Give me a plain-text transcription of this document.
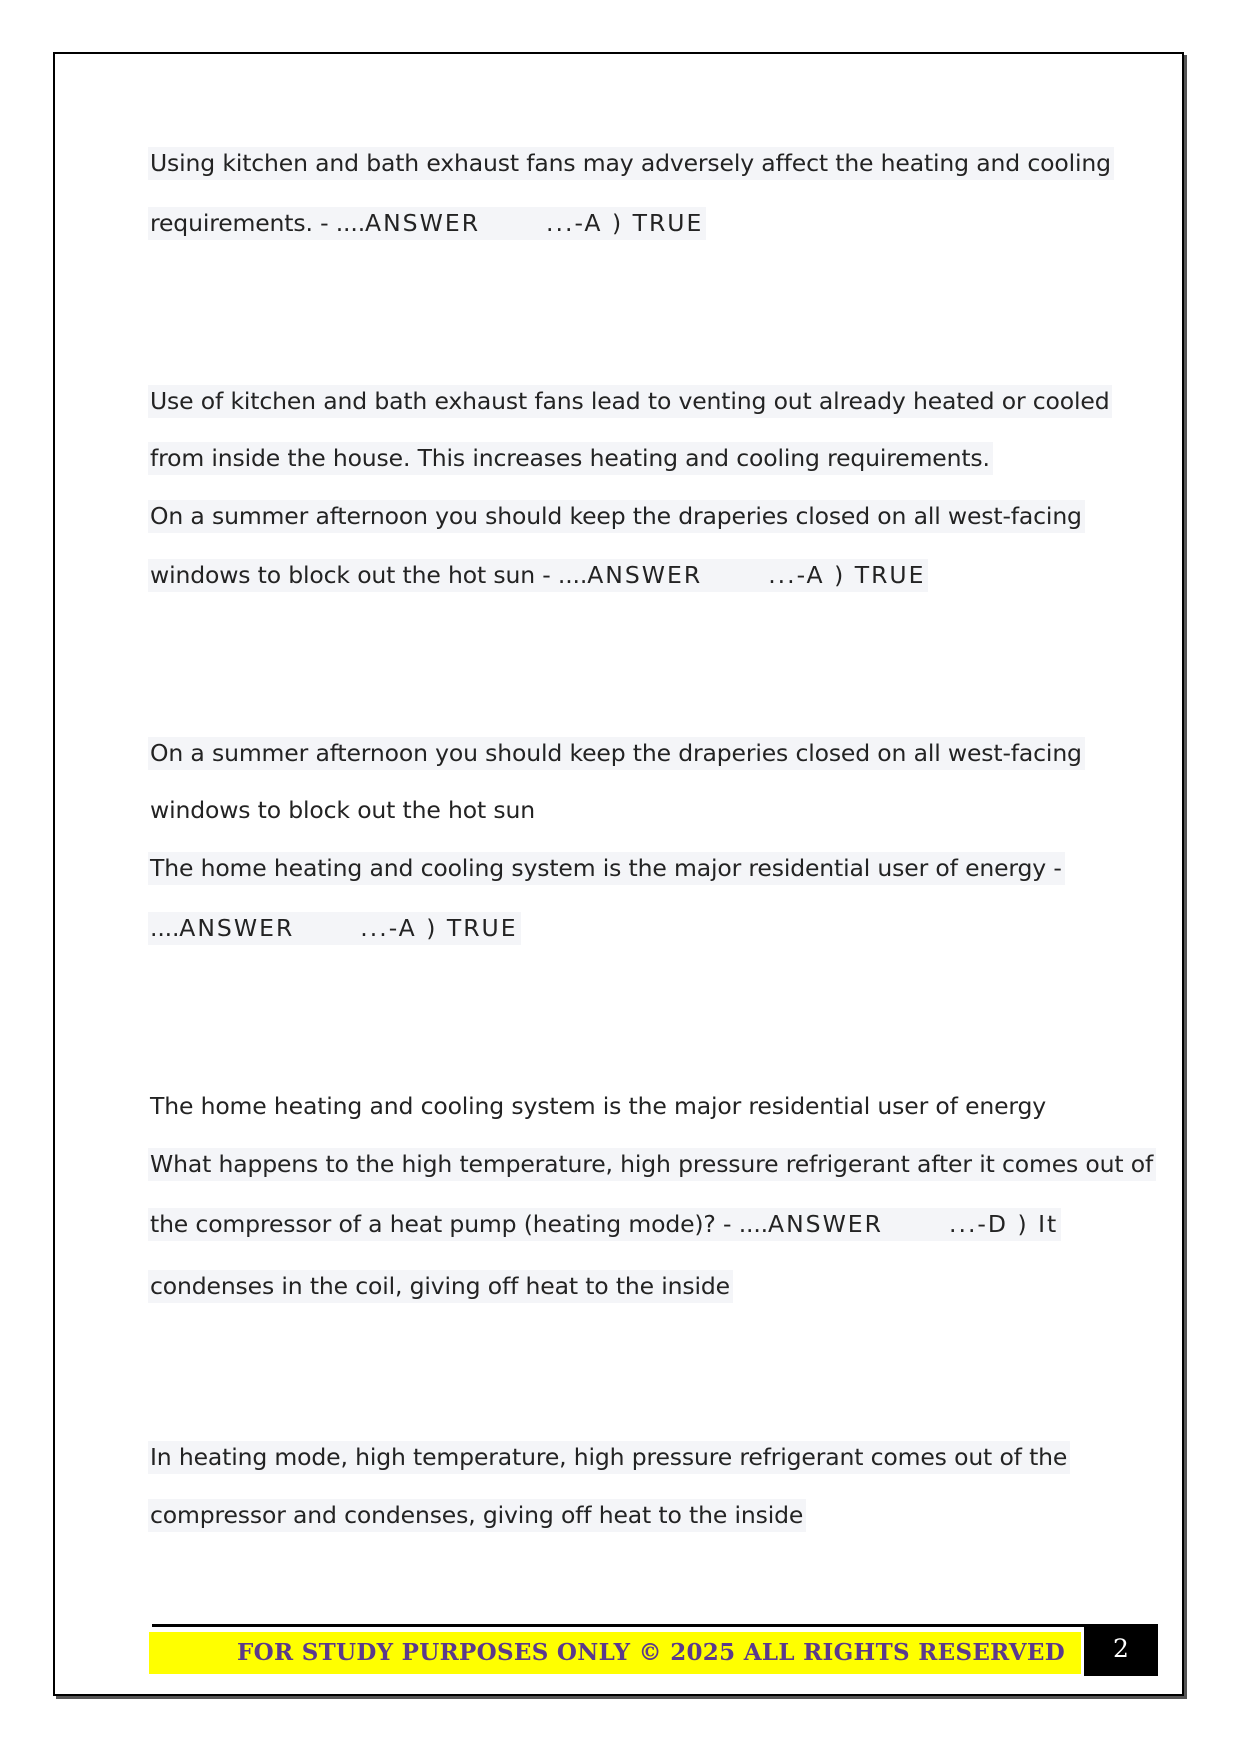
Using kitchen and bath exhaust fans may adversely affect the heating and cooling
requirements. - ....ANSWER	...-A ) TRUE
Use of kitchen and bath exhaust fans lead to venting out already heated or cooled
from inside the house. This increases heating and cooling requirements.
On a summer afternoon you should keep the draperies closed on all west-facing
windows to block out the hot sun - ....ANSWER	...-A ) TRUE
On a summer afternoon you should keep the draperies closed on all west-facing
windows to block out the hot sun
The home heating and cooling system is the major residential user of energy -
....ANSWER	...-A ) TRUE
The home heating and cooling system is the major residential user of energy
What happens to the high temperature, high pressure refrigerant after it comes out of
the compressor of a heat pump (heating mode)? - ....ANSWER	...-D ) It
condenses in the coil, giving off heat to the inside
In heating mode, high temperature, high pressure refrigerant comes out of the
compressor and condenses, giving off heat to the inside
FOR STUDY PURPOSES ONLY © 2025 ALL RIGHTS RESERVED	2
